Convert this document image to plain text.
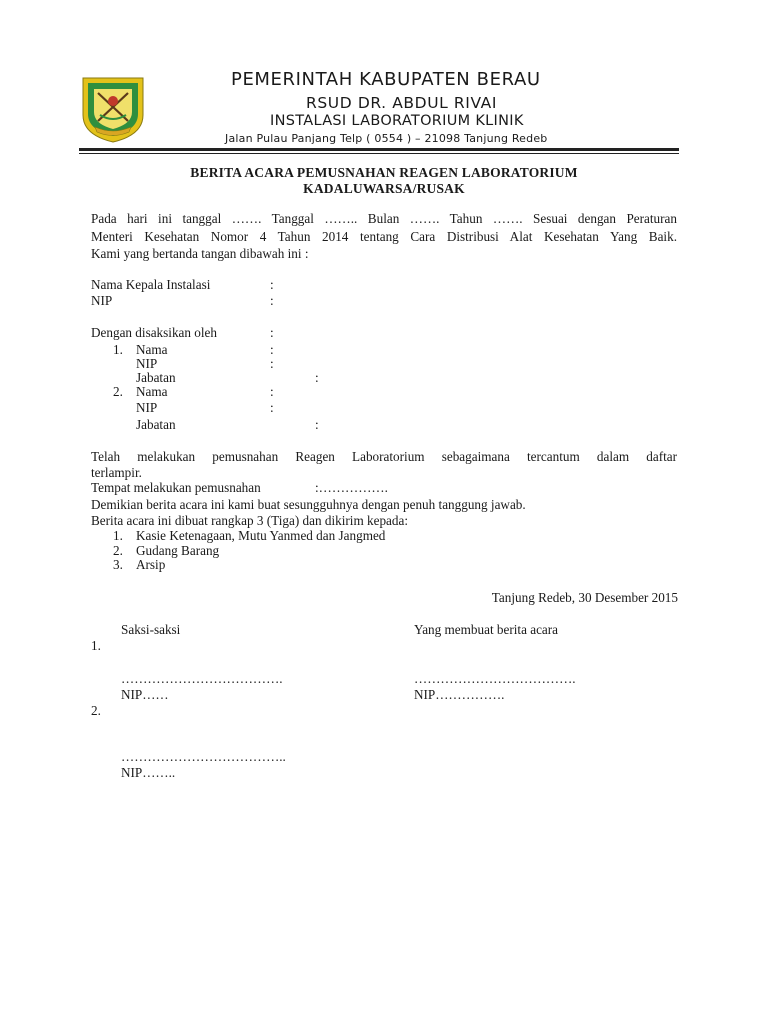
PEMERINTAH KABUPATEN BERAU
RSUD DR. ABDUL RIVAI
INSTALASI LABORATORIUM KLINIK
Jalan Pulau Panjang Telp ( 0554 ) – 21098 Tanjung Redeb
BERITA ACARA PEMUSNAHAN REAGEN LABORATORIUM
KADALUWARSA/RUSAK
Pada hari ini tanggal ……. Tanggal …….. Bulan ……. Tahun ……. Sesuai dengan Peraturan
Menteri Kesehatan Nomor 4 Tahun 2014 tentang Cara Distribusi Alat Kesehatan Yang Baik.
Kami yang bertanda tangan dibawah ini :
Nama Kepala Instalasi	:
NIP	:
Dengan disaksikan oleh	:
1. Nama	:
NIP	:
Jabatan	:
2. Nama	:
NIP	:
Jabatan	:
Telah melakukan pemusnahan Reagen Laboratorium sebagaimana tercantum dalam daftar
terlampir.
Tempat melakukan pemusnahan	:…………….
Demikian berita acara ini kami buat sesungguhnya dengan penuh tanggung jawab.
Berita acara ini dibuat rangkap 3 (Tiga) dan dikirim kepada:
1. Kasie Ketenagaan, Mutu Yanmed dan Jangmed
2. Gudang Barang
3. Arsip
Tanjung Redeb, 30 Desember 2015
Saksi-saksi	Yang membuat berita acara
1.
……………………………….	……………………………….
NIP……	NIP…………….
2.
………………………………..
NIP……..
